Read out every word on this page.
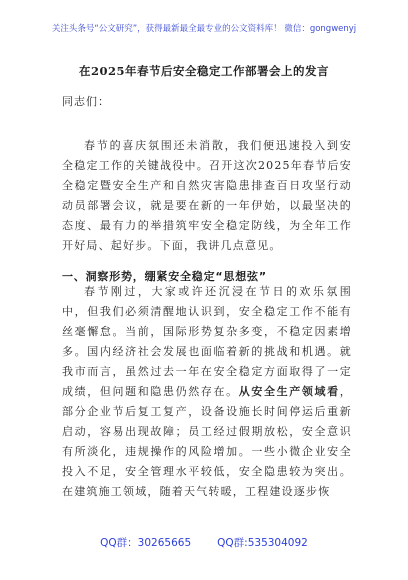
关注头条号“公文研究”，获得最新最全最专业的公文资料库！ 微信：gongwenyj
在2025年春节后安全稳定工作部署会上的发言
同志们：

春节的喜庆氛围还未消散，我们便迅速投入到安全稳定工作的关键战役中。召开这次2025年春节后安全稳定暨安全生产和自然灾害隐患排查百日攻坚行动动员部署会议，就是要在新的一年伊始，以最坚决的态度、最有力的举措筑牢安全稳定防线，为全年工作开好局、起好步。下面，我讲几点意见。

一、洞察形势，绷紧安全稳定“思想弦”

春节刚过，大家或许还沉浸在节日的欢乐氛围中，但我们必须清醒地认识到，安全稳定工作不能有丝毫懈怠。当前，国际形势复杂多变，不稳定因素增多。国内经济社会发展也面临着新的挑战和机遇。就我市而言，虽然过去一年在安全稳定方面取得了一定成绩，但问题和隐患仍然存在。从安全生产领域看，部分企业节后复工复产，设备设施长时间停运后重新启动，容易出现故障；员工经过假期放松，安全意识有所淡化，违规操作的风险增加。一些小微企业安全投入不足，安全管理水平较低，安全隐患较为突出。在建筑施工领域，随着天气转暖，工程建设逐步恢

QQ群：30265665 QQ群:535304092
